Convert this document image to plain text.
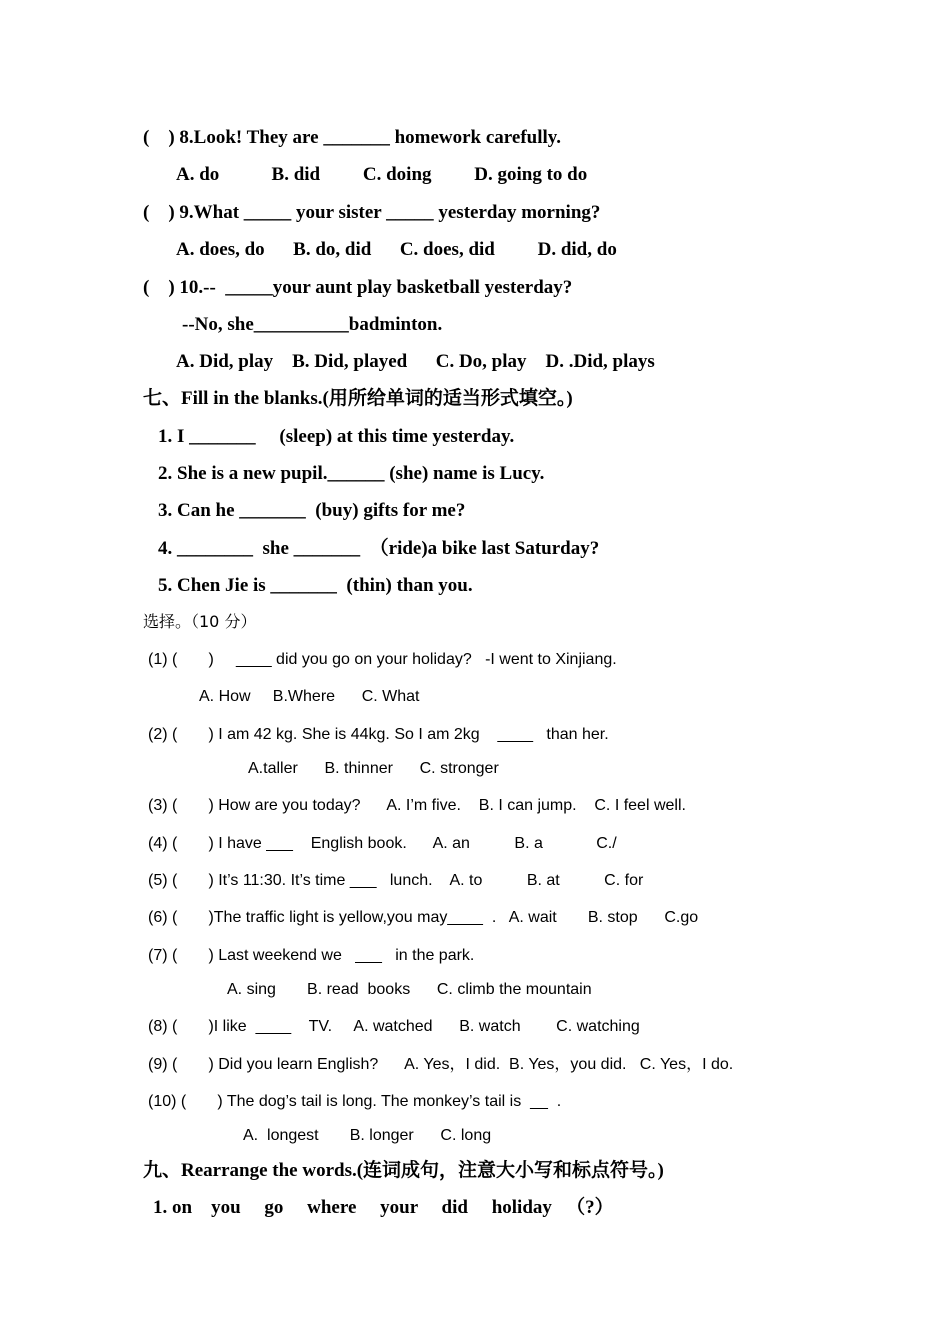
(    ) 8.Look! They are _______ homework carefully.
A. do           B. did         C. doing         D. going to do
(    ) 9.What _____ your sister _____ yesterday morning?
A. does, do      B. do, did      C. does, did         D. did, do
(    ) 10.--  _____your aunt play basketball yesterday?
--No, she__________badminton.
A. Did, play    B. Did, played      C. Do, play    D. .Did, plays
七、Fill in the blanks.(用所给单词的适当形式填空。)
1. I _______     (sleep) at this time yesterday.
2. She is a new pupil.______ (she) name is Lucy.
3. Can he _______  (buy) gifts for me?
4. ________  she _______  （ride)a bike last Saturday?
5. Chen Jie is _______  (thin) than you.
选择。（10 分）
(1) (       )     ____ did you go on your holiday?   -I went to Xinjiang.
A. How     B.Where      C. What
(2) (       ) I am 42 kg. She is 44kg. So I am 2kg    ____   than her.
A.taller      B. thinner      C. stronger
(3) (       ) How are you today?      A. I’m five.    B. I can jump.    C. I feel well.
(4) (       ) I have ___    English book.      A. an          B. a            C./
(5) (       ) It’s 11:30. It’s time ___   lunch.    A. to          B. at          C. for
(6) (       )The traffic light is yellow,you may____  .   A. wait       B. stop      C.go
(7) (       ) Last weekend we   ___   in the park.
A. sing       B. read  books      C. climb the mountain
(8) (       )I like  ____    TV.     A. watched      B. watch        C. watching
(9) (       ) Did you learn English?      A. Yes，I did.  B. Yes，you did.   C. Yes，I do.
(10) (       ) The dog’s tail is long. The monkey’s tail is  __  .
A.  longest       B. longer      C. long
九、Rearrange the words.(连词成句，注意大小写和标点符号。)
1. on    you     go     where     your     did     holiday   （?）
